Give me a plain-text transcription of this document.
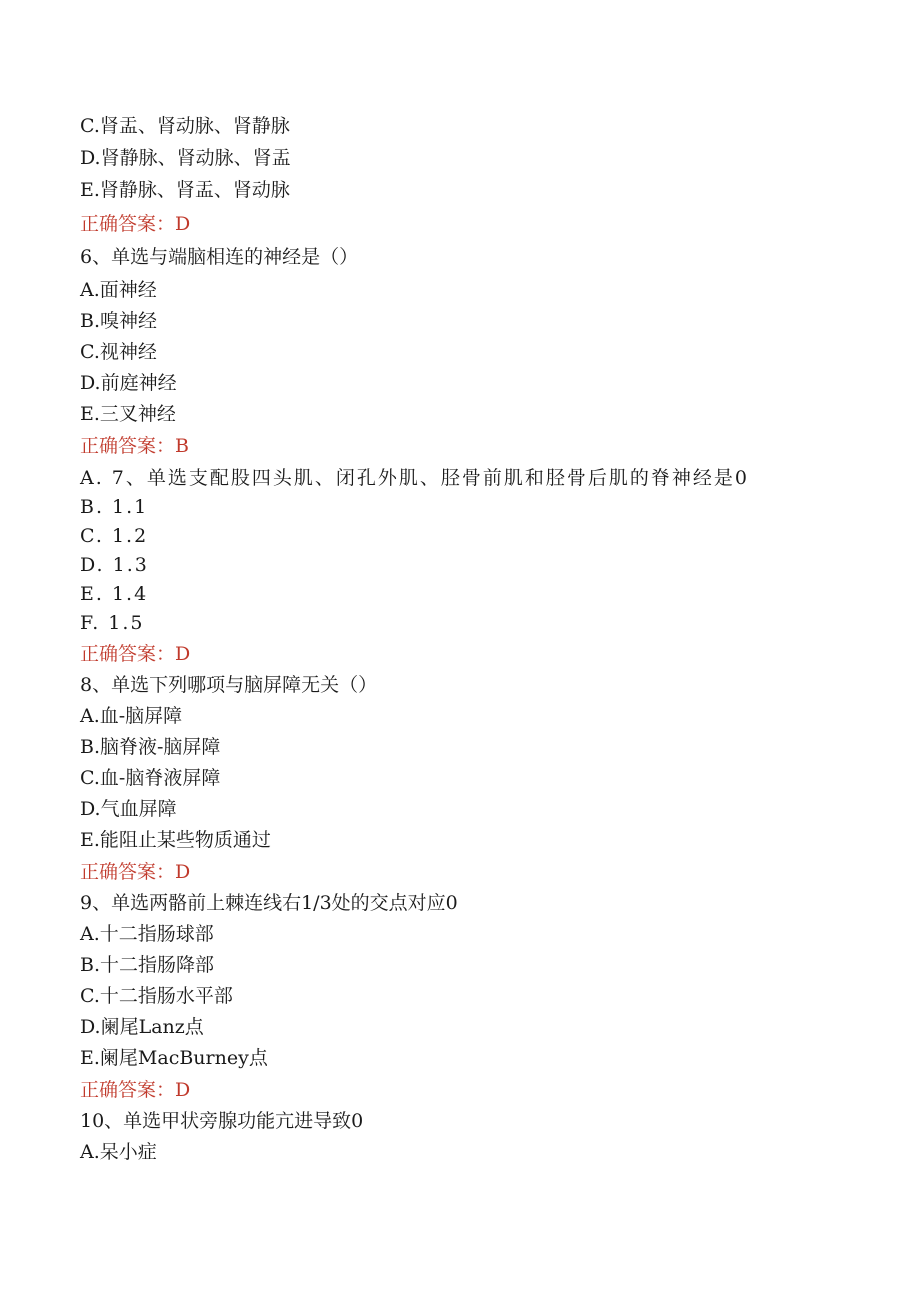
C.肾盂、肾动脉、肾静脉
D.肾静脉、肾动脉、肾盂
E.肾静脉、肾盂、肾动脉
正确答案：D
6、单选与端脑相连的神经是（）
A.面神经
B.嗅神经
C.视神经
D.前庭神经
E.三叉神经
正确答案：B
A. 7、单选支配股四头肌、闭孔外肌、胫骨前肌和胫骨后肌的脊神经是0
B. 1.1
C. 1.2
D. 1.3
E. 1.4
F. 1.5
正确答案：D
8、单选下列哪项与脑屏障无关（）
A.血-脑屏障
B.脑脊液-脑屏障
C.血-脑脊液屏障
D.气血屏障
E.能阻止某些物质通过
正确答案：D
9、单选两骼前上棘连线右1/3处的交点对应0
A.十二指肠球部
B.十二指肠降部
C.十二指肠水平部
D.阑尾Lanz点
E.阑尾MacBurney点
正确答案：D
10、单选甲状旁腺功能亢进导致0
A.呆小症
